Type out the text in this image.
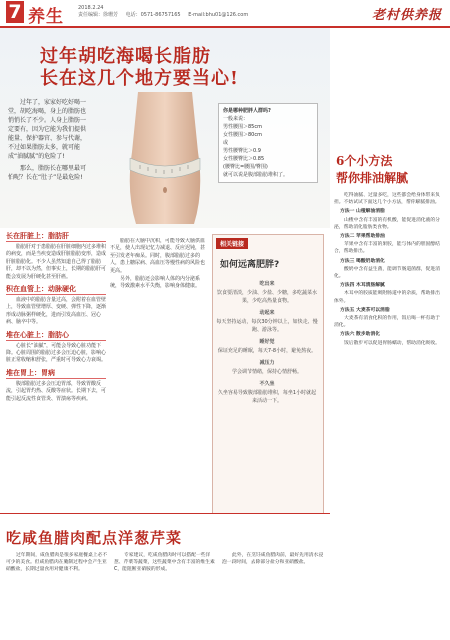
7 养生	2018.2.24
责任编辑：徐珊芳 电话：0571-86757165 E-mail:bhu01@126.com	老村供养报
过年胡吃海喝长脂肪
长在这几个地方要当心!

过年了，家家好吃好喝一堂，胡吃海喝，身上的脂肪也悄悄长了不少。人身上脂肪一定要有，因为它能为我们提供能量、保护器官、参与代谢，不过如果脂肪太多，就可能成“油腻腻”的危险了!

那么，脂肪长在哪里最可怕呢？长在“肚子”是最危险!

你是哪种肥胖人群吗?
一般来说：
男性腰围＞85cm
女性腰围＞80cm
或
男性腰臀比＞0.9
女性腰臀比＞0.85
(腰臀比=腰围/臀围)
就可以说是腹部脂肪堆积了。
长在肝脏上：脂肪肝

脂肪肝对于患脂肪在肝脏细胞内过多堆积的病变，而是当疾变造成肝脏脂肪变形，造成肝脏脂肪化。不少人虽然知道自己得了脂肪肝，却不以为然，但事实上，长期的脂肪肝可能会发展为肝硬化甚至肝癌。

积在血管上：动脉硬化

血液中的脂肪含量过高，会附着在血管壁上，导致血管壁增厚、变硬、弹性下降，逐渐形成动脉粥样硬化，进而引发高血压、冠心病、脑卒中等。

堆在心脏上：脂肪心

心脏长“油腻”，可能会导致心脏功能下降。心脏周围的脂肪过多会压迫心脏，影响心脏正常收缩和舒张，严重时可导致心力衰竭。

堆在胃上：胃病

腹部脂肪过多会压迫胃部，导致胃酸反流，引起胃灼热、反酸等症状。长期下去，可能引起反流性食管炎、胃溃疡等疾病。

脂肪在大脑中沉积，可能导致大脑供血不足，使人出现记忆力减退、反应迟钝，甚至引发老年痴呆。同时，腹部脂肪过多的人，患上糖尿病、高血压等慢性病的风险也更高。

另外，脂肪还会影响人体的内分泌系统，导致激素水平失衡，影响身体健康。

相关链接
如何远离肥胖?
吃出来
饮食要清淡，少油、少盐、少糖，多吃蔬菜水果，少吃高热量食物。
动起来
每天坚持运动，每次30分钟以上，如快走、慢跑、游泳等。
睡好觉
保证充足的睡眠，每天7-8小时，避免熬夜。
减压力
学会调节情绪，保持心情舒畅。
不久坐
久坐容易导致腹部脂肪堆积，每坐1小时就起来活动一下。
6个小方法
帮你排油解腻

吃得油腻、过量多吃，这些都会给身体带来负担。不妨试试下面这几个小方法，帮你解腻排油。

方法一 山楂解油消脂

山楂中含有丰富的有机酸，能促进消化液的分泌，帮助消化脂肪类食物。

方法二 苹果帮助排油

苹果中含有丰富的果胶，能与体内的胆固醇结合，帮助排出。

方法三 喝酸奶助消化

酸奶中含有益生菌，能调节肠道菌群，促进消化。

方法四 木耳清肠解腻

木耳中的胶质能吸附肠道中的杂质，帮助排出体外。

方法五 大麦茶可以消脂

大麦茶有消食化积的作用，饭后喝一杯有助于消化。

方法六 散步助消化

饭后散步可以促进胃肠蠕动，帮助消化吸收。

吃咸鱼腊肉配点洋葱芹菜

过年期间，咸鱼腊肉是很多家庭餐桌上必不可少的美食。但咸鱼腊肉在腌制过程中会产生亚硝酸盐，长期过量食用对健康不利。

专家建议，吃咸鱼腊肉时可以搭配一些洋葱、芹菜等蔬菜，这些蔬菜中含有丰富的维生素C，能阻断亚硝胺的形成。

此外，在烹饪咸鱼腊肉前，最好先用清水浸泡一段时间，去除部分盐分和亚硝酸盐。
